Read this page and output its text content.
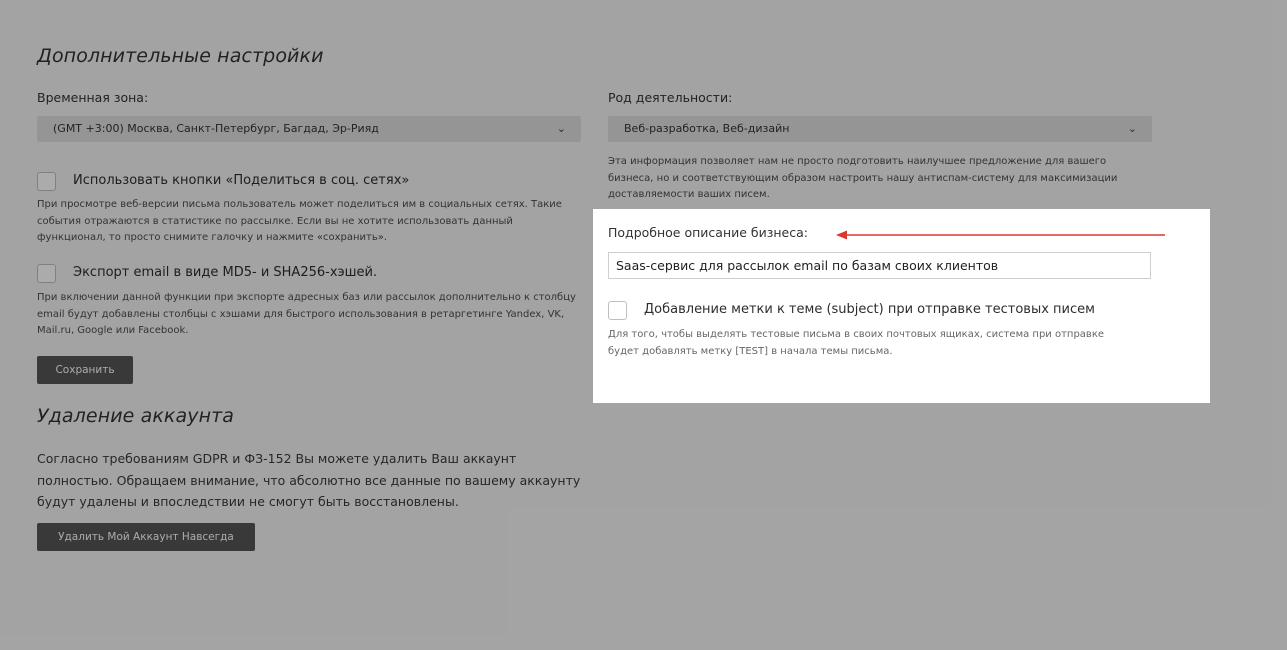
Дополнительные настройки
Временная зона:
(GMT +3:00) Москва, Санкт-Петербург, Багдад, Эр-Рияд	⌄
Использовать кнопки «Поделиться в соц. сетях»
При просмотре веб-версии письма пользователь может поделиться им в социальных сетях. Такие события отражаются в статистике по рассылке. Если вы не хотите использовать данный функционал, то просто снимите галочку и нажмите «сохранить».
Экспорт email в виде MD5- и SHA256-хэшей.
При включении данной функции при экспорте адресных баз или рассылок дополнительно к столбцу email будут добавлены столбцы с хэшами для быстрого использования в ретаргетинге Yandex, VK, Mail.ru, Google или Facebook.
Сохранить
Удаление аккаунта
Согласно требованиям GDPR и ФЗ-152 Вы можете удалить Ваш аккаунт полностью. Обращаем внимание, что абсолютно все данные по вашему аккаунту будут удалены и впоследствии не смогут быть восстановлены.
Удалить Мой Аккаунт Навсегда
Род деятельности:
Веб-разработка, Веб-дизайн	⌄
Эта информация позволяет нам не просто подготовить наилучшее предложение для вашего бизнеса, но и соответствующим образом настроить нашу антиспам-систему для максимизации доставляемости ваших писем.
Подробное описание бизнеса:
Saas-сервис для рассылок email по базам своих клиентов
Добавление метки к теме (subject) при отправке тестовых писем
Для того, чтобы выделять тестовые письма в своих почтовых ящиках, система при отправке будет добавлять метку [TEST] в начала темы письма.
